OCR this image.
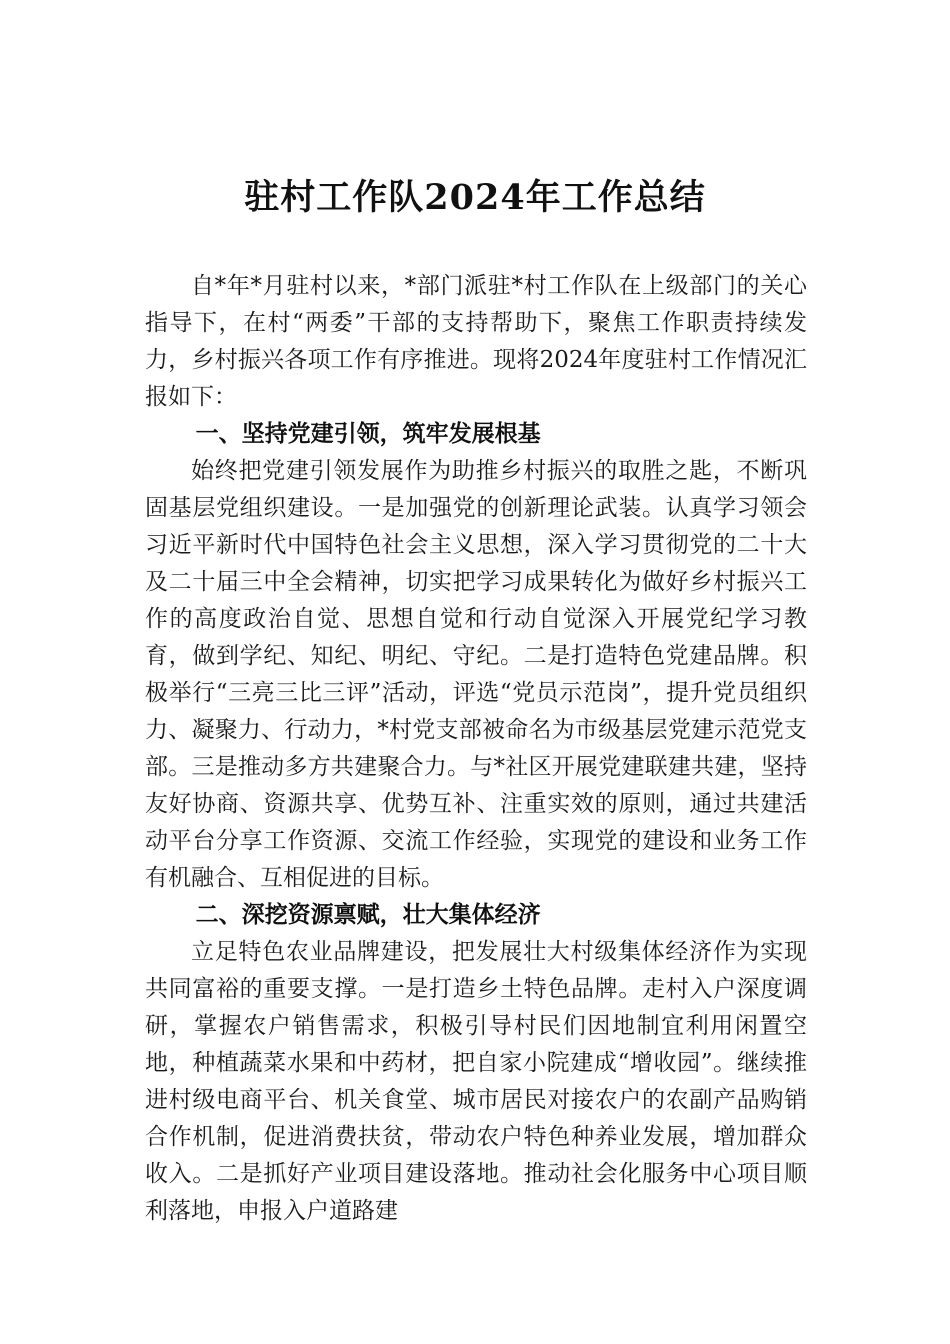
驻村工作队2024年工作总结

自*年*月驻村以来，*部门派驻*村工作队在上级部门的关心指导下，在村“两委”干部的支持帮助下，聚焦工作职责持续发力，乡村振兴各项工作有序推进。现将2024年度驻村工作情况汇报如下：

一、坚持党建引领，筑牢发展根基

始终把党建引领发展作为助推乡村振兴的取胜之匙，不断巩固基层党组织建设。一是加强党的创新理论武装。认真学习领会习近平新时代中国特色社会主义思想，深入学习贯彻党的二十大及二十届三中全会精神，切实把学习成果转化为做好乡村振兴工作的高度政治自觉、思想自觉和行动自觉深入开展党纪学习教育，做到学纪、知纪、明纪、守纪。二是打造特色党建品牌。积极举行“三亮三比三评”活动，评选“党员示范岗”，提升党员组织力、凝聚力、行动力，*村党支部被命名为市级基层党建示范党支部。三是推动多方共建聚合力。与*社区开展党建联建共建，坚持友好协商、资源共享、优势互补、注重实效的原则，通过共建活动平台分享工作资源、交流工作经验，实现党的建设和业务工作有机融合、互相促进的目标。

二、深挖资源禀赋，壮大集体经济

立足特色农业品牌建设，把发展壮大村级集体经济作为实现共同富裕的重要支撑。一是打造乡土特色品牌。走村入户深度调研，掌握农户销售需求，积极引导村民们因地制宜利用闲置空地，种植蔬菜水果和中药材，把自家小院建成“增收园”。继续推进村级电商平台、机关食堂、城市居民对接农户的农副产品购销合作机制，促进消费扶贫，带动农户特色种养业发展，增加群众收入。二是抓好产业项目建设落地。推动社会化服务中心项目顺利落地，申报入户道路建
